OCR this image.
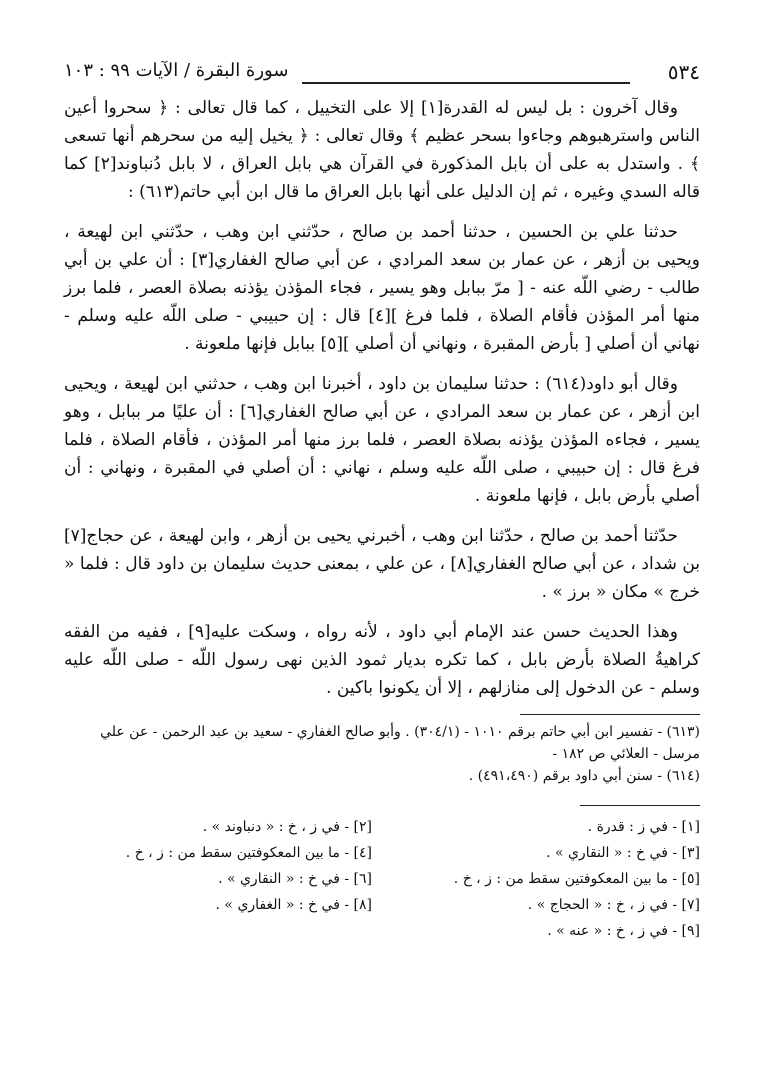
٥٣٤
سورة البقرة / الآيات ٩٩ : ١٠٣

وقال آخرون : بل ليس له القدرة[١] إلا على التخييل ، كما قال تعالى : ﴿ سحروا أعين الناس واسترهبوهم وجاءوا بسحر عظيم ﴾ وقال تعالى : ﴿ يخيل إليه من سحرهم أنها تسعى ﴾ . واستدل به على أن بابل المذكورة في القرآن هي بابل العراق ، لا بابل دُنباوند[٢] كما قاله السدي وغيره ، ثم إن الدليل على أنها بابل العراق ما قال ابن أبي حاتم(٦١٣) :

حدثنا علي بن الحسين ، حدثنا أحمد بن صالح ، حدّثني ابن وهب ، حدّثني ابن لهيعة ، ويحيى بن أزهر ، عن عمار بن سعد المرادي ، عن أبي صالح الغفاري[٣] : أن علي بن أبي طالب - رضي اللّه عنه - [ مرّ ببابل وهو يسير ، فجاء المؤذن يؤذنه بصلاة العصر ، فلما برز منها أمر المؤذن فأقام الصلاة ، فلما فرغ ][٤] قال : إن حبيبي - صلى اللّه عليه وسلم - نهاني أن أصلي [ بأرض المقبرة ، ونهاني أن أصلي ][٥] ببابل فإنها ملعونة .

وقال أبو داود(٦١٤) : حدثنا سليمان بن داود ، أخبرنا ابن وهب ، حدثني ابن لهيعة ، ويحيى ابن أزهر ، عن عمار بن سعد المرادي ، عن أبي صالح الغفاري[٦] : أن عليًا مر ببابل ، وهو يسير ، فجاءه المؤذن يؤذنه بصلاة العصر ، فلما برز منها أمر المؤذن ، فأقام الصلاة ، فلما فرغ قال : إن حبيبي ، صلى اللّه عليه وسلم ، نهاني : أن أصلي في المقبرة ، ونهاني : أن أصلي بأرض بابل ، فإنها ملعونة .

حدّثنا أحمد بن صالح ، حدّثنا ابن وهب ، أخبرني يحيى بن أزهر ، وابن لهيعة ، عن حجاج[٧] بن شداد ، عن أبي صالح الغفاري[٨] ، عن علي ، بمعنى حديث سليمان بن داود قال : فلما « خرج » مكان « برز » .

وهذا الحديث حسن عند الإمام أبي داود ، لأنه رواه ، وسكت عليه[٩] ، ففيه من الفقه كراهيةُ الصلاة بأرض بابل ، كما تكره بديار ثمود الذين نهى رسول اللّه - صلى اللّه عليه وسلم - عن الدخول إلى منازلهم ، إلا أن يكونوا باكين .

(٦١٣) - تفسير ابن أبي حاتم برقم ١٠١٠ - (٣٠٤/١) . وأبو صالح الغفاري - سعيد بن عبد الرحمن - عن علي مرسل - العلائي ص ١٨٢ -

(٦١٤) - سنن أبي داود برقم (٤٩١،٤٩٠) .

[١] - في ز : قدرة .
[٢] - في ز ، خ : « دنباوند » .
[٣] - في خ : « النقاري » .
[٤] - ما بين المعكوفتين سقط من : ز ، خ .
[٥] - ما بين المعكوفتين سقط من : ز ، خ .
[٦] - في خ : « النقاري » .
[٧] - في ز ، خ : « الحجاج » .
[٨] - في خ : « الغفاري » .
[٩] - في ز ، خ : « عنه » .
